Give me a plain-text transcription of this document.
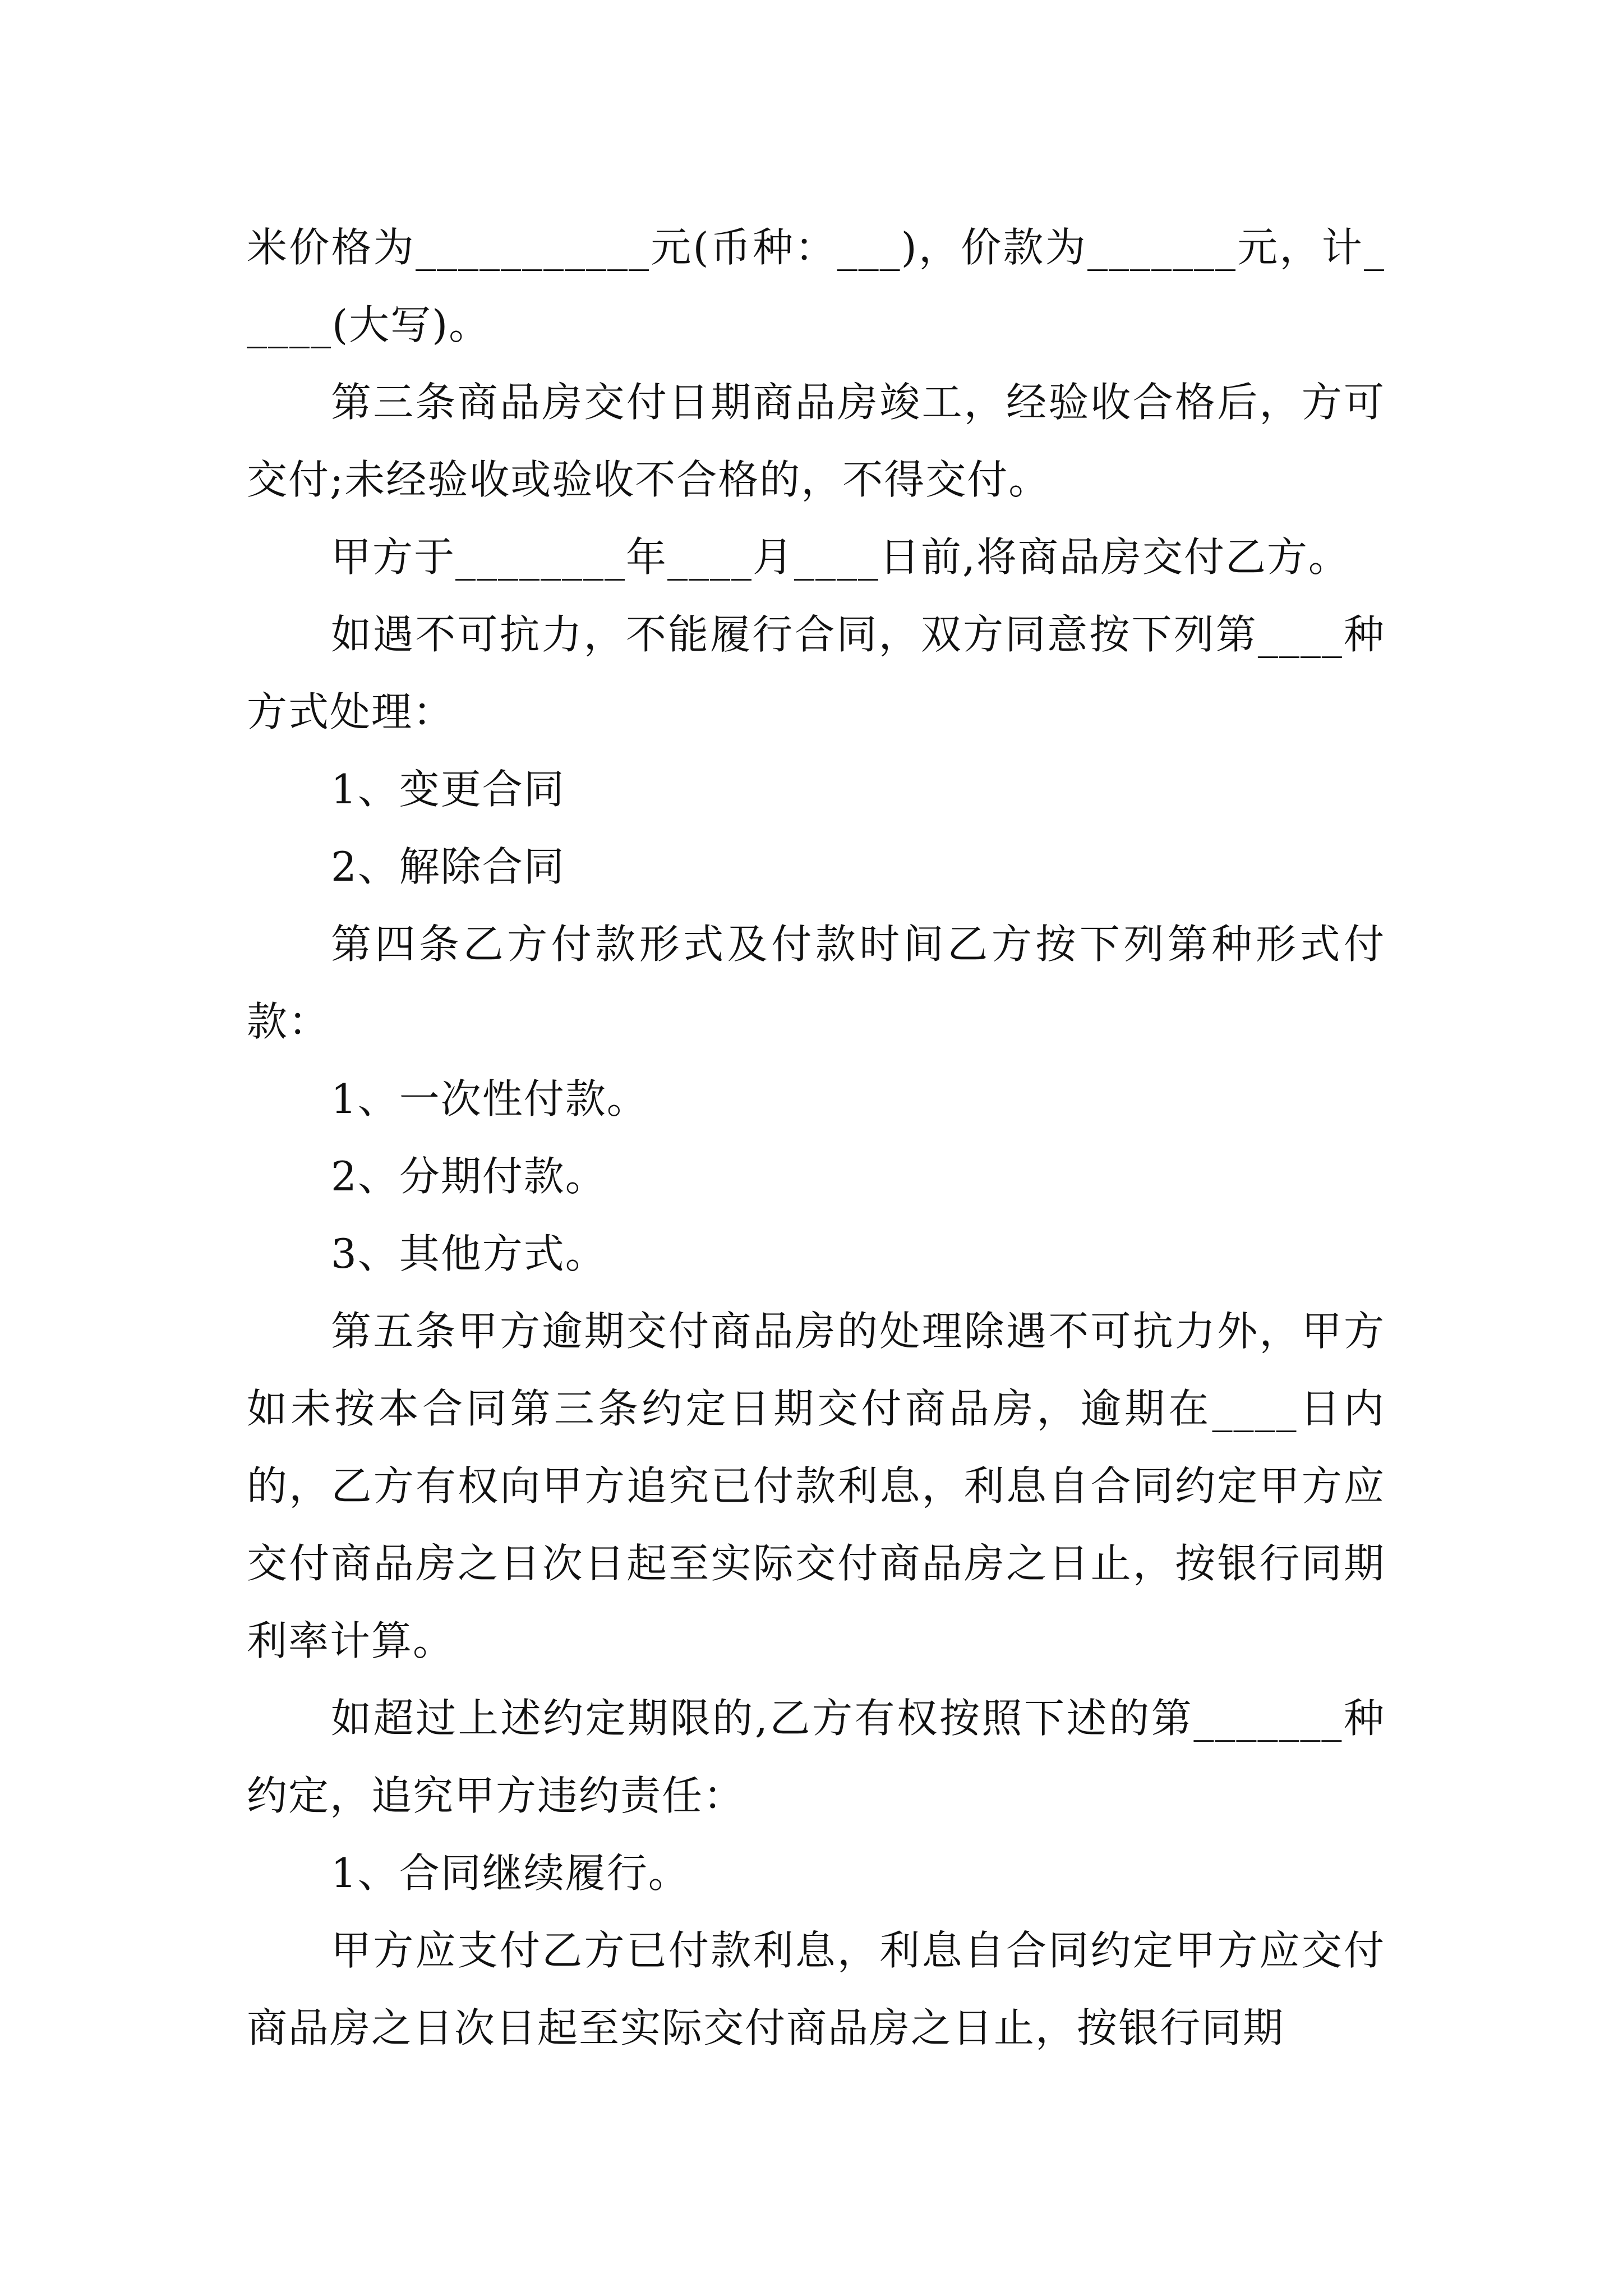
米价格为___________元(币种：___)，价款为_______元，计_____(大写)。

第三条商品房交付日期商品房竣工，经验收合格后，方可交付;未经验收或验收不合格的，不得交付。

甲方于________年____月____日前,将商品房交付乙方。

如遇不可抗力，不能履行合同，双方同意按下列第____种方式处理：

1、变更合同

2、解除合同

第四条乙方付款形式及付款时间乙方按下列第种形式付款：

1、一次性付款。

2、分期付款。

3、其他方式。

第五条甲方逾期交付商品房的处理除遇不可抗力外，甲方如未按本合同第三条约定日期交付商品房，逾期在____日内的，乙方有权向甲方追究已付款利息，利息自合同约定甲方应交付商品房之日次日起至实际交付商品房之日止，按银行同期利率计算。

如超过上述约定期限的,乙方有权按照下述的第_______种约定，追究甲方违约责任：

1、合同继续履行。

甲方应支付乙方已付款利息，利息自合同约定甲方应交付商品房之日次日起至实际交付商品房之日止，按银行同期
